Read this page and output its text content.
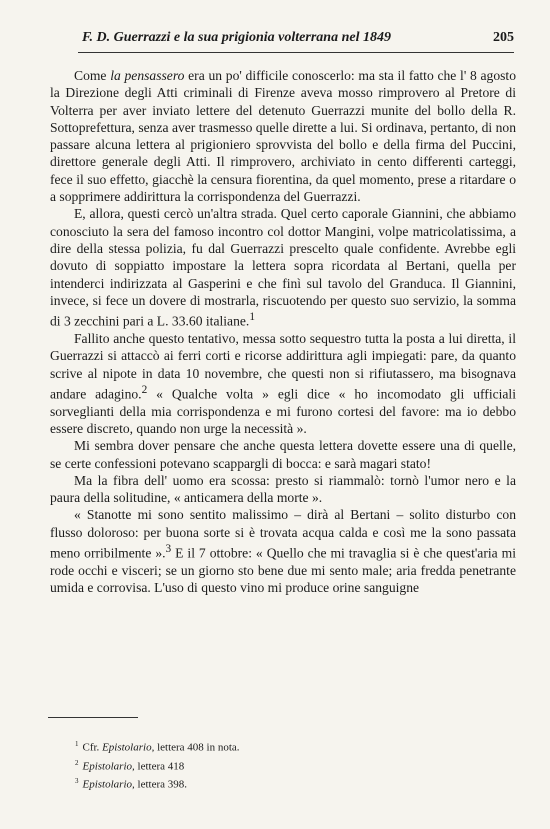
F. D. Guerrazzi e la sua prigionia volterrana nel 1849	205

Come la pensassero era un po' difficile conoscerlo: ma sta il fatto che l' 8 agosto la Direzione degli Atti criminali di Firenze aveva mosso rimprovero al Pretore di Volterra per aver inviato lettere del detenuto Guerrazzi munite del bollo della R. Sottoprefettura, senza aver trasmesso quelle dirette a lui. Si ordinava, pertanto, di non passare alcuna lettera al prigioniero sprovvista del bollo e della firma del Puccini, direttore generale degli Atti. Il rimprovero, archiviato in cento differenti carteggi, fece il suo effetto, giacchè la censura fiorentina, da quel momento, prese a ritardare o a sopprimere addirittura la corrispondenza del Guerrazzi.

E, allora, questi cercò un'altra strada. Quel certo caporale Giannini, che abbiamo conosciuto la sera del famoso incontro col dottor Mangini, volpe matricolatissima, a dire della stessa polizia, fu dal Guerrazzi prescelto quale confidente. Avrebbe egli dovuto di soppiatto impostare la lettera sopra ricordata al Bertani, quella per intenderci indirizzata al Gasperini e che finì sul tavolo del Granduca. Il Giannini, invece, si fece un dovere di mostrarla, riscuotendo per questo suo servizio, la somma di 3 zecchini pari a L. 33.60 italiane.$^1$

Fallito anche questo tentativo, messa sotto sequestro tutta la posta a lui diretta, il Guerrazzi si attaccò ai ferri corti e ricorse addirittura agli impiegati: pare, da quanto scrive al nipote in data 10 novembre, che questi non si rifiutassero, ma bisognava andare adagino.$^2$ « Qualche volta » egli dice « ho incomodato gli ufficiali sorveglianti della mia corrispondenza e mi furono cortesi del favore: ma io debbo essere discreto, quando non urge la necessità ».

Mi sembra dover pensare che anche questa lettera dovette essere una di quelle, se certe confessioni potevano scappargli di bocca: e sarà magari stato!

Ma la fibra dell' uomo era scossa: presto si riammalò: tornò l'umor nero e la paura della solitudine, « anticamera della morte ».

« Stanotte mi sono sentito malissimo – dirà al Bertani – solito disturbo con flusso doloroso: per buona sorte si è trovata acqua calda e così me la sono passata meno orribilmente ».$^3$ E il 7 ottobre: « Quello che mi travaglia si è che quest'aria mi rode occhi e visceri; se un giorno sto bene due mi sento male; aria fredda penetrante umida e corrovisa. L'uso di questo vino mi produce orine sanguigne

$^1$ Cfr. Epistolario, lettera 408 in nota.
$^2$ Epistolario, lettera 418
$^3$ Epistolario, lettera 398.
